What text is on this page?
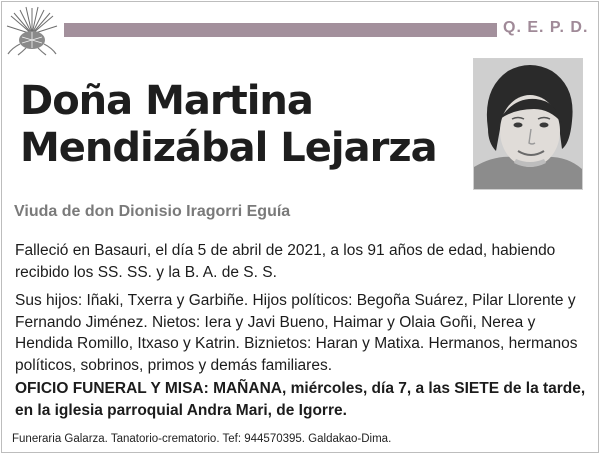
Q. E. P. D.
Doña Martina
Mendizábal Lejarza
Viuda de don Dionisio Iragorri Eguía
Falleció en Basauri, el día 5 de abril de 2021, a los 91 años de edad, habiendo recibido los SS. SS. y la B. A. de S. S.
Sus hijos: Iñaki, Txerra y Garbiñe. Hijos políticos: Begoña Suárez, Pilar Llorente y Fernando Jiménez. Nietos: Iera y Javi Bueno, Haimar y Olaia Goñi, Nerea y Hendida Romillo, Itxaso y Katrin. Biznietos: Haran y Matixa. Hermanos, hermanos políticos, sobrinos, primos y demás familiares.
OFICIO FUNERAL Y MISA: MAÑANA, miércoles, día 7, a las SIETE de la tarde, en la iglesia parroquial Andra Mari, de Igorre.
Funeraria Galarza. Tanatorio-crematorio. Tef: 944570395. Galdakao-Dima.
